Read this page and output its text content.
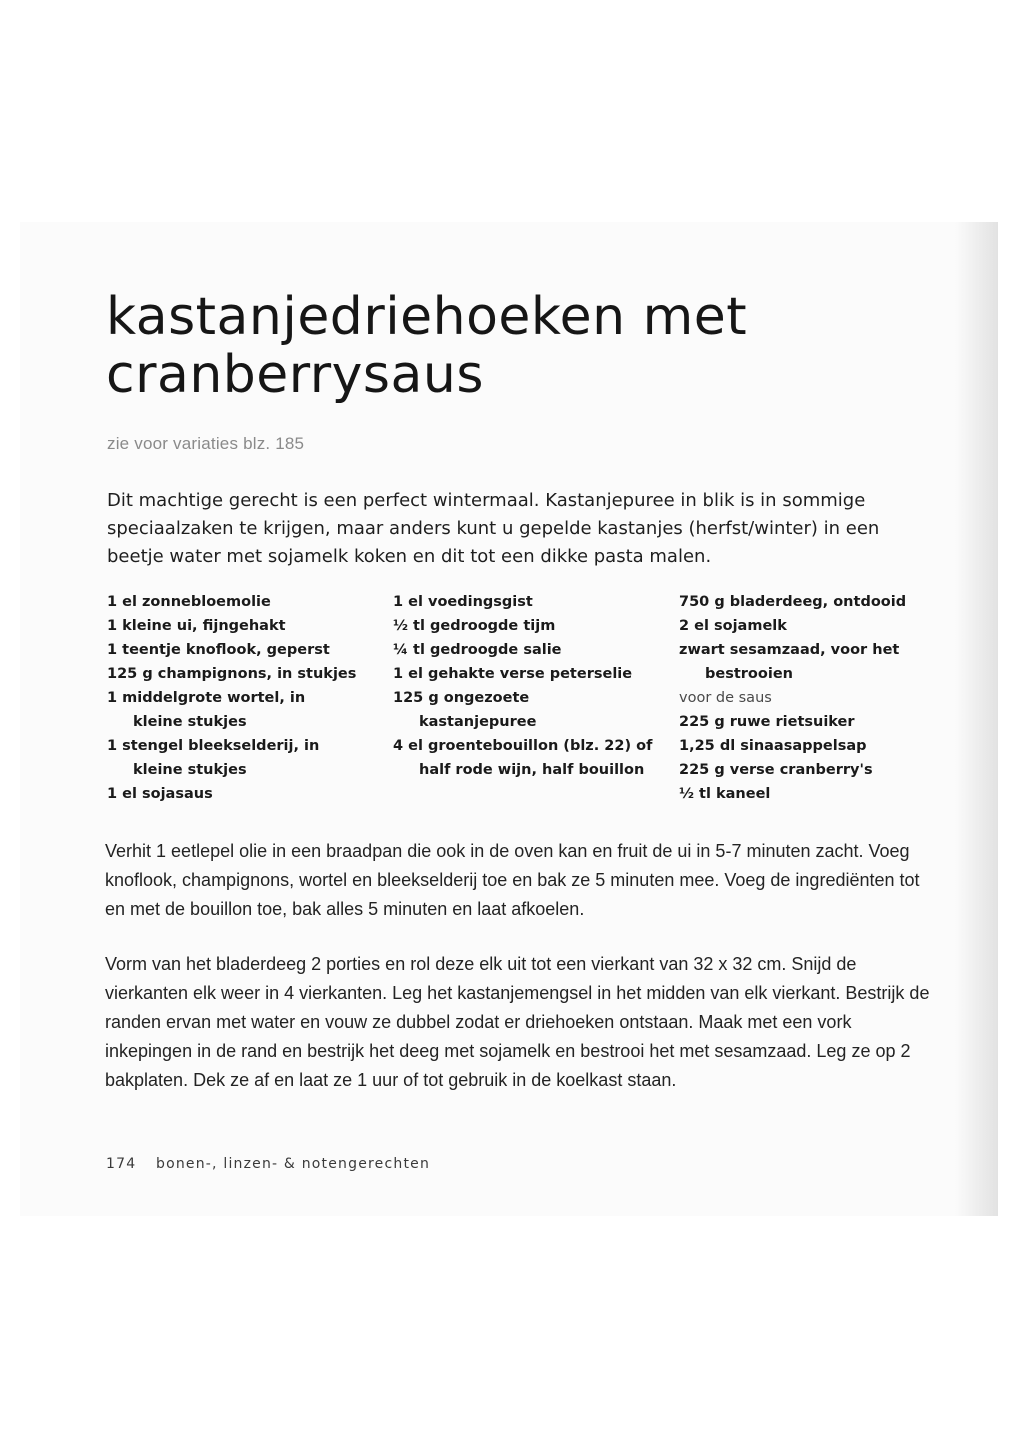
kastanjedriehoeken met cranberrysaus
zie voor variaties blz. 185

Dit machtige gerecht is een perfect wintermaal. Kastanjepuree in blik is in sommige speciaalzaken te krijgen, maar anders kunt u gepelde kastanjes (herfst/winter) in een beetje water met sojamelk koken en dit tot een dikke pasta malen.

1 el zonnebloemolie
1 kleine ui, fijngehakt
1 teentje knoflook, geperst
125 g champignons, in stukjes
1 middelgrote wortel, in kleine stukjes
1 stengel bleekselderij, in kleine stukjes
1 el sojasaus
1 el voedingsgist
½ tl gedroogde tijm
¼ tl gedroogde salie
1 el gehakte verse peterselie
125 g ongezoete kastanjepuree
4 el groentebouillon (blz. 22) of half rode wijn, half bouillon
750 g bladerdeeg, ontdooid
2 el sojamelk
zwart sesamzaad, voor het bestrooien
voor de saus
225 g ruwe rietsuiker
1,25 dl sinaasappelsap
225 g verse cranberry's
½ tl kaneel

Verhit 1 eetlepel olie in een braadpan die ook in de oven kan en fruit de ui in 5-7 minuten zacht. Voeg knoflook, champignons, wortel en bleekselderij toe en bak ze 5 minuten mee. Voeg de ingrediënten tot en met de bouillon toe, bak alles 5 minuten en laat afkoelen.

Vorm van het bladerdeeg 2 porties en rol deze elk uit tot een vierkant van 32 x 32 cm. Snijd de vierkanten elk weer in 4 vierkanten. Leg het kastanjemengsel in het midden van elk vierkant. Bestrijk de randen ervan met water en vouw ze dubbel zodat er driehoeken ontstaan. Maak met een vork inkepingen in de rand en bestrijk het deeg met sojamelk en bestrooi het met sesamzaad. Leg ze op 2 bakplaten. Dek ze af en laat ze 1 uur of tot gebruik in de koelkast staan.

174 bonen-, linzen- & notengerechten
